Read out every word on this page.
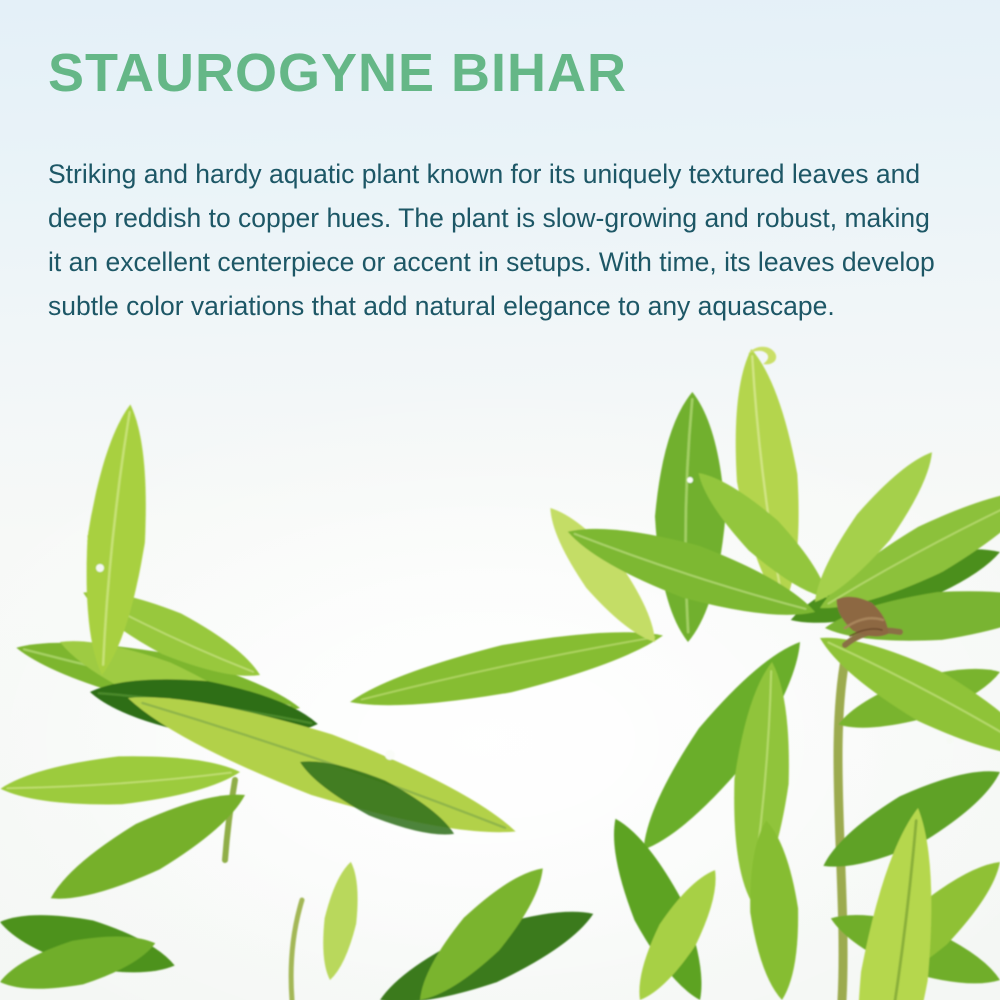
STAUROGYNE BIHAR

Striking and hardy aquatic plant known for its uniquely textured leaves and

deep reddish to copper hues. The plant is slow-growing and robust, making

it an excellent centerpiece or accent in setups. With time, its leaves develop

subtle color variations that add natural elegance to any aquascape.
